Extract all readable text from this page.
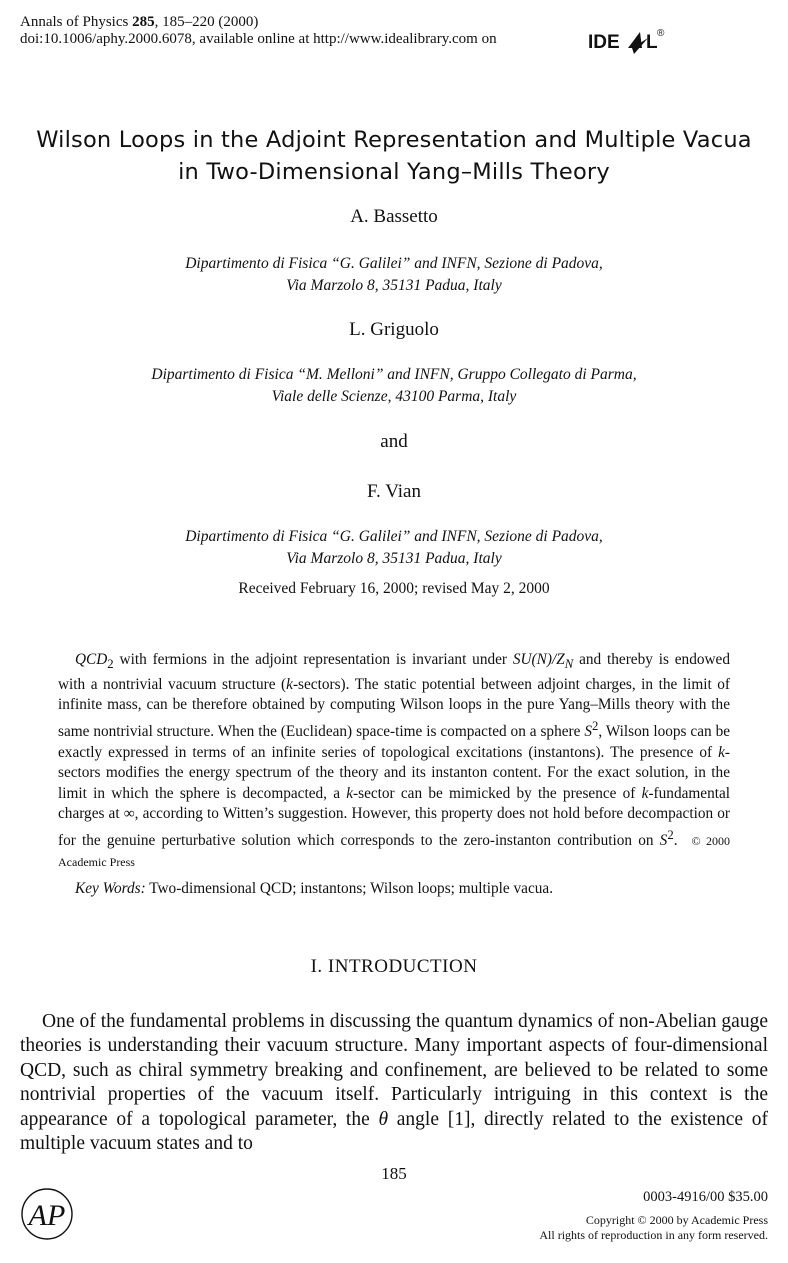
Annals of Physics 285, 185–220 (2000)
doi:10.1006/aphy.2000.6078, available online at http://www.idealibrary.com on	IDE L ®
Wilson Loops in the Adjoint Representation and Multiple Vacua
in Two-Dimensional Yang–Mills Theory
A. Bassetto
Dipartimento di Fisica “G. Galilei” and INFN, Sezione di Padova,
Via Marzolo 8, 35131 Padua, Italy
L. Griguolo
Dipartimento di Fisica “M. Melloni” and INFN, Gruppo Collegato di Parma,
Viale delle Scienze, 43100 Parma, Italy
and
F. Vian
Dipartimento di Fisica “G. Galilei” and INFN, Sezione di Padova,
Via Marzolo 8, 35131 Padua, Italy
Received February 16, 2000; revised May 2, 2000
$QCD_2$ with fermions in the adjoint representation is invariant under $SU(N)/Z_N$ and thereby is endowed with a nontrivial vacuum structure (k-sectors). The static potential between adjoint charges, in the limit of infinite mass, can be therefore obtained by computing Wilson loops in the pure Yang–Mills theory with the same nontrivial structure. When the (Euclidean) space-time is compacted on a sphere $S^2$, Wilson loops can be exactly expressed in terms of an infinite series of topological excitations (instantons). The presence of k-sectors modifies the energy spectrum of the theory and its instanton content. For the exact solution, in the limit in which the sphere is decompacted, a k-sector can be mimicked by the presence of k-fundamental charges at ∞, according to Witten’s suggestion. However, this property does not hold before decompaction or for the genuine perturbative solution which corresponds to the zero-instanton contribution on $S^2$. © 2000 Academic Press
Key Words: Two-dimensional QCD; instantons; Wilson loops; multiple vacua.
I. INTRODUCTION
One of the fundamental problems in discussing the quantum dynamics of non-Abelian gauge theories is understanding their vacuum structure. Many important aspects of four-dimensional QCD, such as chiral symmetry breaking and confinement, are believed to be related to some nontrivial properties of the vacuum itself. Particularly intriguing in this context is the appearance of a topological parameter, the θ angle [1], directly related to the existence of multiple vacuum states and to
185
AP
0003-4916/00 $35.00
Copyright © 2000 by Academic Press
All rights of reproduction in any form reserved.
